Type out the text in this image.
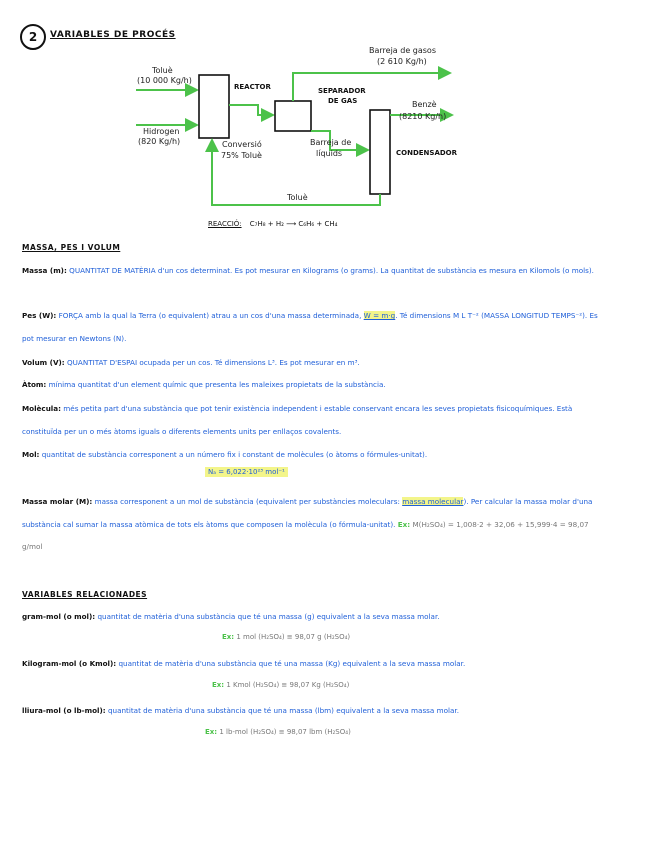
2	VARIABLES DE PROCÉS
Toluè
(10 000 Kg/h)
Hidrogen
(820 Kg/h)
REACTOR
Conversió
75% Toluè
SEPARADOR
DE GAS
Barreja de gasos
(2 610 Kg/h)
Benzè
(8210 Kg/h)
Barreja de
líquids	CONDENSADOR
Toluè
REACCIÓ: C₇H₈ + H₂ ⟶ C₆H₆ + CH₄
MASSA, PES I VOLUM
Massa (m): QUANTITAT DE MATÈRIA d'un cos determinat. Es pot mesurar en Kilograms (o grams). La quantitat de substància es mesura en Kilomols (o mols).
Pes (W): FORÇA amb la qual la Terra (o equivalent) atrau a un cos d'una massa determinada, W = m·g. Té dimensions M L T⁻² (MASSA LONGITUD TEMPS⁻²). Es pot mesurar en Newtons (N).
Volum (V): QUANTITAT D'ESPAI ocupada per un cos. Té dimensions L³. Es pot mesurar en m³.
Àtom: mínima quantitat d'un element químic que presenta les maleixes propietats de la substància.
Molècula: més petita part d'una substància que pot tenir existència independent i estable conservant encara les seves propietats fisicoquímiques. Està constituïda per un o més àtoms iguals o diferents elements units per enllaços covalents.
Mol: quantitat de substància corresponent a un número fix i constant de molècules (o àtoms o fórmules-unitat).
Nₐ = 6,022·10²³ mol⁻¹
Massa molar (M): massa corresponent a un mol de substància (equivalent per substàncies moleculars: massa molecular). Per calcular la massa molar d'una substància cal sumar la massa atòmica de tots els àtoms que composen la molècula (o fórmula-unitat). Ex: M(H₂SO₄) = 1,008·2 + 32,06 + 15,999·4 = 98,07 g/mol
VARIABLES RELACIONADES
gram-mol (o mol): quantitat de matèria d'una substància que té una massa (g) equivalent a la seva massa molar.
Ex: 1 mol (H₂SO₄) ≡ 98,07 g (H₂SO₄)
Kilogram-mol (o Kmol): quantitat de matèria d'una substància que té una massa (Kg) equivalent a la seva massa molar.
Ex: 1 Kmol (H₂SO₄) ≡ 98,07 Kg (H₂SO₄)
lliura-mol (o lb-mol): quantitat de matèria d'una substància que té una massa (lbm) equivalent a la seva massa molar.
Ex: 1 lb-mol (H₂SO₄) ≡ 98,07 lbm (H₂SO₄)
